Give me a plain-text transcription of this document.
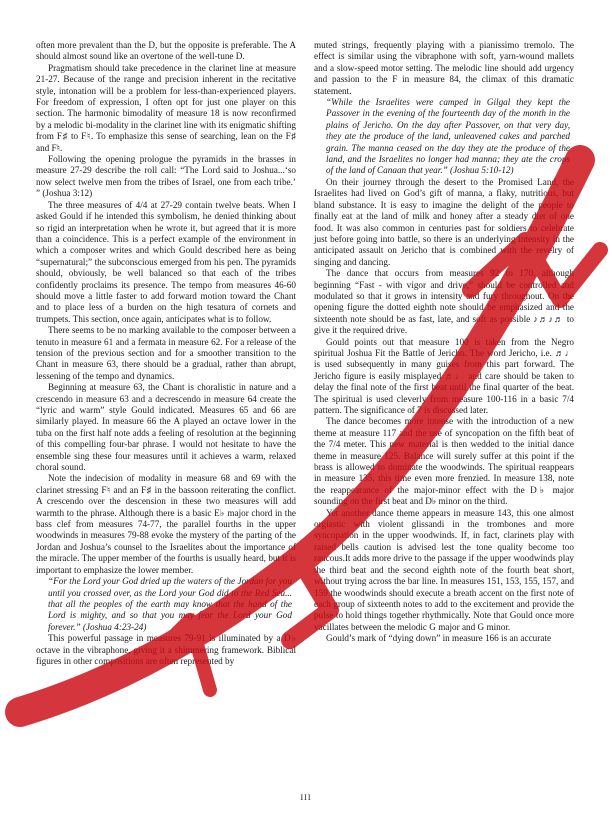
often more prevalent than the D, but the opposite is preferable. The A should almost sound like an overtone of the well-tune D.

Pragmatism should take precedence in the clarinet line at measure 21-27. Because of the range and precision inherent in the recitative style, intonation will be a problem for less-than-experienced players. For freedom of expression, I often opt for just one player on this section. The harmonic bimodality of measure 18 is now reconfirmed by a melodic bi-modality in the clarinet line with its enigmatic shifting from F♯ to F♮. To emphasize this sense of searching, lean on the F♯ and F♮.

Following the opening prologue the pyramids in the brasses in measure 27-29 describe the roll call: “The Lord said to Joshua...‘so now select twelve men from the tribes of Israel, one from each tribe.’ ” (Joshua 3:12)

The three measures of 4/4 at 27-29 contain twelve beats. When I asked Gould if he intended this symbolism, he denied thinking about so rigid an interpretation when he wrote it, but agreed that it is more than a coincidence. This is a perfect example of the environment in which a composer writes and which Gould described here as being “supernatural;” the subconscious emerged from his pen. The pyramids should, obviously, be well balanced so that each of the tribes confidently proclaims its presence. The tempo from measures 46-60 should move a little faster to add forward motion toward the Chant and to place less of a burden on the high tesatura of cornets and trumpets. This section, once again, anticipates what is to follow.

There seems to be no marking available to the composer between a tenuto in measure 61 and a fermata in measure 62. For a release of the tension of the previous section and for a smoother transition to the Chant in measure 63, there should be a gradual, rather than abrupt, lessening of the tempo and dynamics.

Beginning at measure 63, the Chant is choralistic in nature and a crescendo in measure 63 and a decrescendo in measure 64 create the “lyric and warm” style Gould indicated. Measures 65 and 66 are similarly played. In measure 66 the A played an octave lower in the tuba on the first half note adds a feeling of resolution at the beginning of this compelling four-bar phrase. I would not hesitate to have the ensemble sing these four measures until it achieves a warm, relaxed choral sound.

Note the indecision of modality in measure 68 and 69 with the clarinet stressing F♮ and an F♯ in the bassoon reiterating the conflict. A crescendo over the descension in these two measures will add warmth to the phrase. Although there is a basic E♭ major chord in the bass clef from measures 74-77, the parallel fourths in the upper woodwinds in measures 79-88 evoke the mystery of the parting of the Jordan and Joshua’s counsel to the Israelites about the importance of the miracle. The upper member of the fourths is usually heard, but it is important to emphasize the lower member.

“For the Lord your God dried up the waters of the Jordan for you until you crossed over, as the Lord your God did to the Red Sea... that all the peoples of the earth may know that the hand of the Lord is mighty, and so that you may fear the Lord your God forever.” (Joshua 4:23-24)

This powerful passage in measures 79-91 is illuminated by a D♭ octave in the vibraphone, giving it a shimmering framework. Biblical figures in other compositions are often represented by

muted strings, frequently playing with a pianissimo tremolo. The effect is similar using the vibraphone with soft, yarn-wound mallets and a slow-speed motor setting. The melodic line should add urgency and passion to the F in measure 84, the climax of this dramatic statement.

“While the Israelites were camped in Gilgal they kept the Passover in the evening of the fourteenth day of the month in the plains of Jericho. On the day after Passover, on that very day, they ate the produce of the land, unleavened cakes and parched grain. The manna ceased on the day they ate the produce of the land, and the Israelites no longer had manna; they ate the crops of the land of Canaan that year.” (Joshua 5:10-12)

On their journey through the desert to the Promised Land, the Israelites had lived on God’s gift of manna, a flaky, nutritious, but bland substance. It is easy to imagine the delight of the people to finally eat at the land of milk and honey after a steady diet of one food. It was also common in centuries past for soldiers to celebrate just before going into battle, so there is an underlying intensity in the anticipated assault on Jericho that is combined with the revelry of singing and dancing.

The dance that occurs from measures 92 to 170, although beginning “Fast - with vigor and drive,” should be controlled and modulated so that it grows in intensity and fury throughout. On the opening figure the dotted eighth note should be emphasized and the sixteenth note should be as fast, late, and soft as possible ♪♬♪♬ to give it the required drive.

Gould points out that measure 100 is taken from the Negro spiritual Joshua Fit the Battle of Jericho. The word Jericho, i.e. ♬♩ is used subsequently in many guises from this part forward. The Jericho figure is easily misplayed ♬♩ and care should be taken to delay the final note of the first beat until the final quarter of the beat. The spiritual is used cleverly from measure 100-116 in a basic 7/4 pattern. The significance of 7 is discussed later.

The dance becomes more intense with the introduction of a new theme at measure 117 and the use of syncopation on the fifth beat of the 7/4 meter. This new material is then wedded to the initial dance theme in measure 125. Balance will surely suffer at this point if the brass is allowed to dominate the woodwinds. The spiritual reappears in measure 135, this time even more frenzied. In measure 138, note the reappearance of the major-minor effect with the D♭ major sounding on the first beat and D♭ minor on the third.

Yet another dance theme appears in measure 143, this one almost orgiastic with violent glissandi in the trombones and more syncopation in the upper woodwinds. If, in fact, clarinets play with raised bells caution is advised lest the tone quality become too raucous.It adds more drive to the passage if the upper woodwinds play the third beat and the second eighth note of the fourth beat short, without trying across the bar line. In measures 151, 153, 155, 157, and 159 the woodwinds should execute a breath accent on the first note of each group of sixteenth notes to add to the excitement and provide the pulse to hold things together rhythmically. Note that Gould once more vacillates between the melodic G major and G minor.

Gould’s mark of “dying down” in measure 166 is an accurate

III
